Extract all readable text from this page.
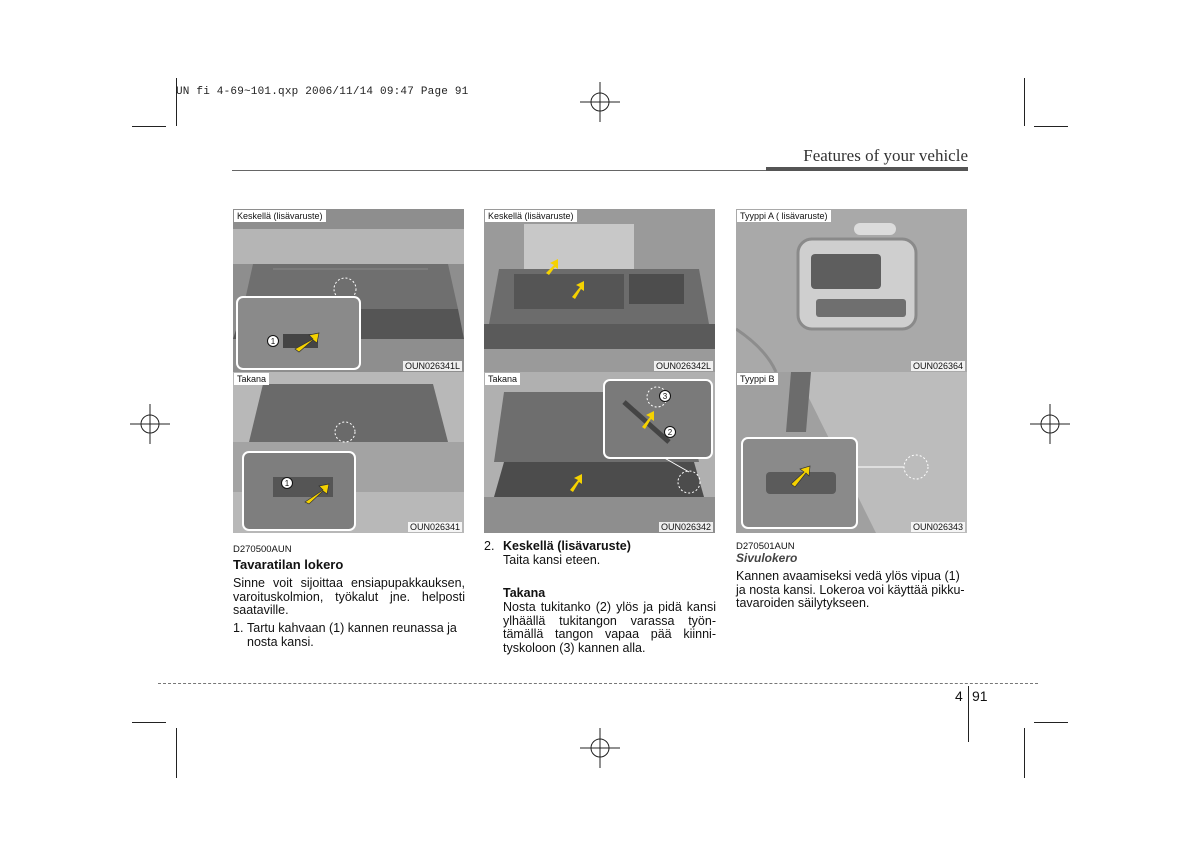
UN fi 4-69~101.qxp 2006/11/14 09:47 Page 91
Features of your vehicle
1
Keskellä (lisävaruste)
OUN026341L
1
Takana
OUN026341
Keskellä (lisävaruste)
OUN026342L
3
2
Takana
OUN026342
Tyyppi A ( lisävaruste)
OUN026364
Tyyppi B
OUN026343
D270500AUN
Tavaratilan lokero
Sinne voit sijoittaa ensiapupakkauksen,
varoituskolmion, työkalut jne. helposti
saataville.
1. Tartu kahvaan (1) kannen reunassa ja
nosta kansi.
2. Keskellä (lisävaruste)
Taita kansi eteen.
Takana
Nosta tukitanko (2) ylös ja pidä kansi
ylhäällä tukitangon varassa työn-
tämällä tangon vapaa pää kiinni-
tyskoloon (3) kannen alla.
D270501AUN
Sivulokero
Kannen avaamiseksi vedä ylös vipua (1)
ja nosta kansi. Lokeroa voi käyttää pikku-
tavaroiden säilytykseen.
4 91
